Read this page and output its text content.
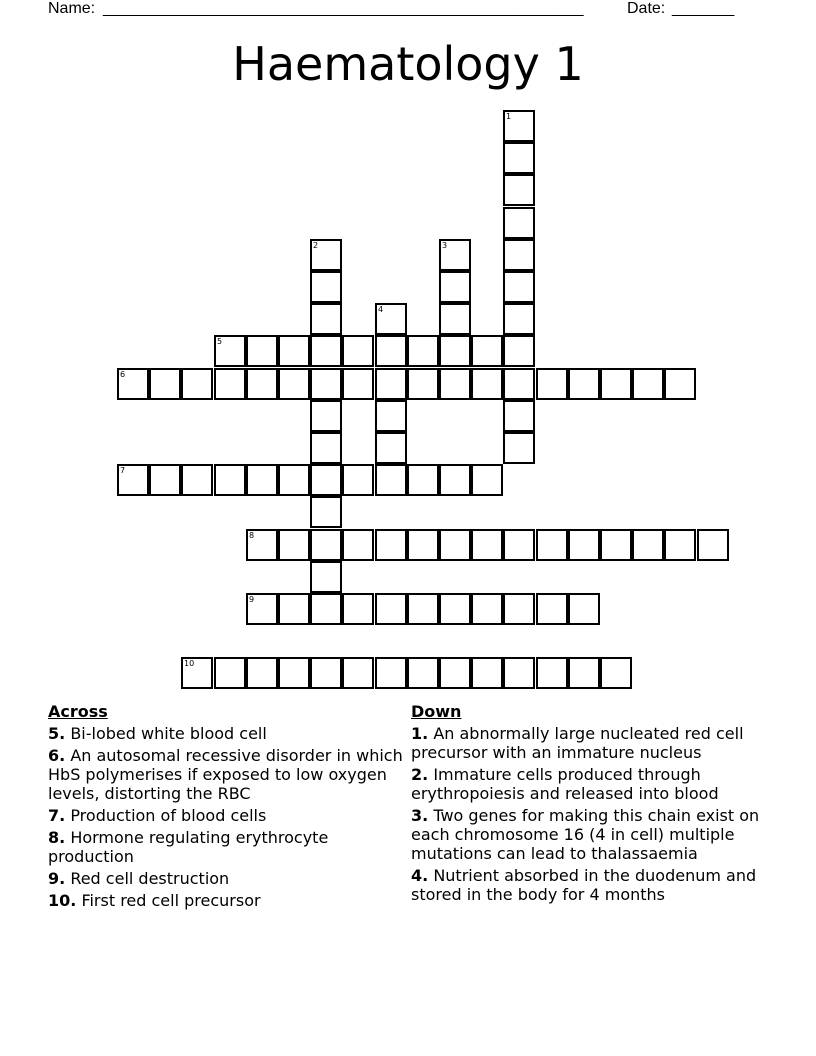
Name: ______________________________________________________	Date: _______
Haematology 1
1
2	3
4
5
6
7
8
9
10
Across
5. Bi-lobed white blood cell
6. An autosomal recessive disorder in which HbS polymerises if exposed to low oxygen levels, distorting the RBC
7. Production of blood cells
8. Hormone regulating erythrocyte production
9. Red cell destruction
10. First red cell precursor
Down
1. An abnormally large nucleated red cell precursor with an immature nucleus
2. Immature cells produced through erythropoiesis and released into blood
3. Two genes for making this chain exist on each chromosome 16 (4 in cell) multiple mutations can lead to thalassaemia
4. Nutrient absorbed in the duodenum and stored in the body for 4 months
